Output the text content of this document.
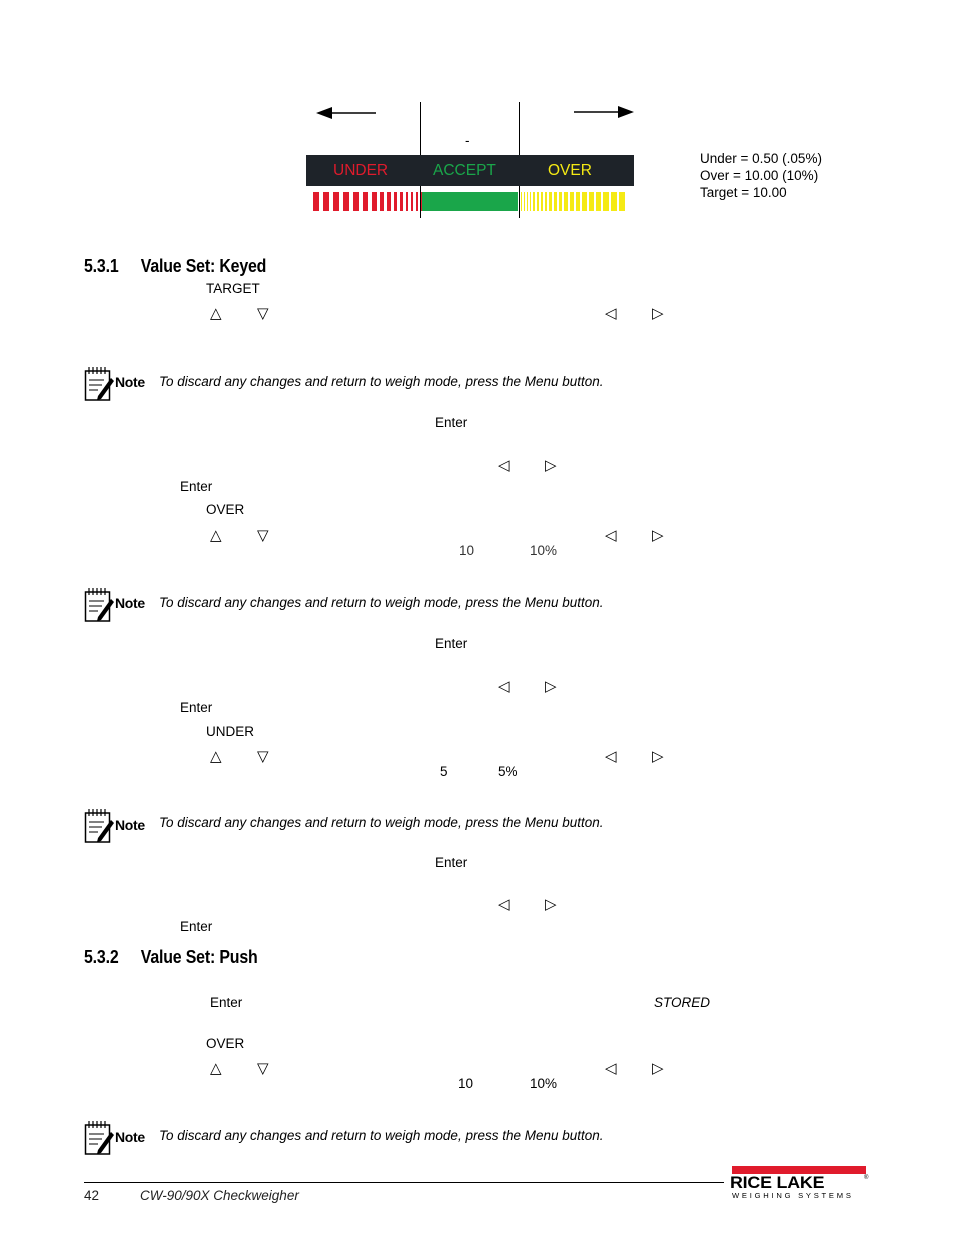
-
UNDER	ACCEPT	OVER
Under = 0.50 (.05%)
Over = 10.00 (10%)
Target = 10.00
5.3.1 Value Set: Keyed
TARGET
△ ▽	◁ ▷
Note To discard any changes and return to weigh mode, press the Menu button.
Enter
◁ ▷
Enter
OVER
△ ▽	◁ ▷
10	10%
Note To discard any changes and return to weigh mode, press the Menu button.
Enter
◁ ▷
Enter
UNDER
△ ▽	◁ ▷
5	5%
Note To discard any changes and return to weigh mode, press the Menu button.
Enter
◁ ▷
Enter
5.3.2 Value Set: Push
Enter	STORED
OVER
△ ▽	◁ ▷
10	10%
Note To discard any changes and return to weigh mode, press the Menu button.
42	CW-90/90X Checkweigher
RICE LAKE	®
WEIGHING SYSTEMS
